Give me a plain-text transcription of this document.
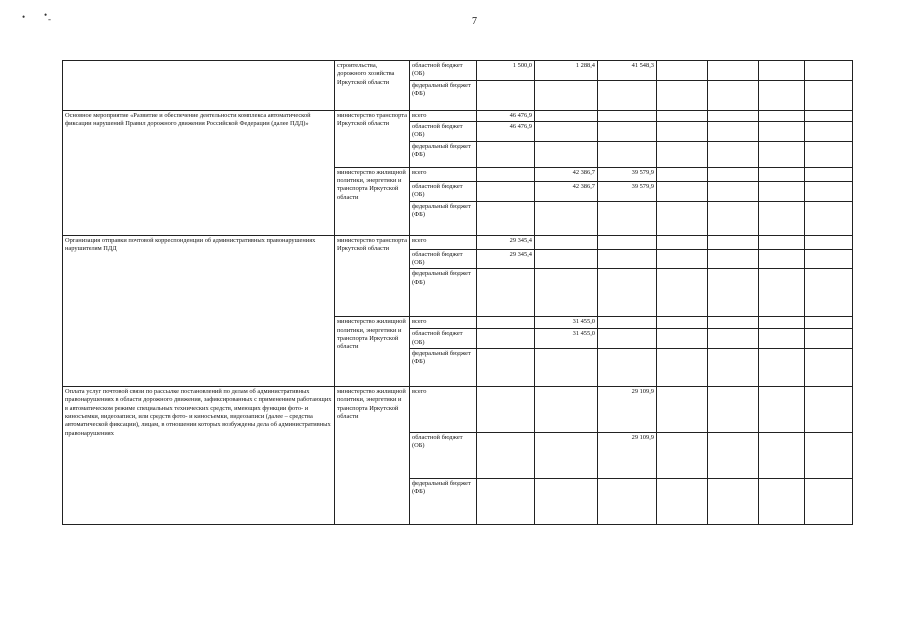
7
• • ‐
	строительства, дорожного хозяйства Иркутской области	областной бюджет (ОБ)	1 500,0	1 288,4	41 548,3				
		федеральный бюджет (ФБ)							
Основное мероприятие «Развитие и обеспечение деятельности комплекса автоматической фиксации нарушений Правил дорожного движения Российской Федерации (далее ПДД)»	министерство транспорта Иркутской области	всего	46 476,9						
		областной бюджет (ОБ)	46 476,9						
		федеральный бюджет (ФБ)							
	министерство жилищной политики, энергетики и транспорта Иркутской области	всего		42 386,7	39 579,9				
		областной бюджет (ОБ)		42 386,7	39 579,9				
		федеральный бюджет (ФБ)							
Организация отправки почтовой корреспонденции об административных правонарушениях нарушителям ПДД	министерство транспорта Иркутской области	всего	29 345,4						
		областной бюджет (ОБ)	29 345,4						
		федеральный бюджет (ФБ)							
	министерство жилищной политики, энергетики и транспорта Иркутской области	всего		31 455,0					
		областной бюджет (ОБ)		31 455,0					
		федеральный бюджет (ФБ)							
Оплата услуг почтовой связи по рассылке постановлений по делам об административных правонарушениях в области дорожного движения, зафиксированных с применением работающих в автоматическом режиме специальных технических средств, имеющих функции фото- и киносъемки, видеозаписи, или средств фото- и киносъемки, видеозаписи (далее – средства автоматической фиксации), лицам, в отношении которых возбуждены дела об административных правонарушениях	министерство жилищной политики, энергетики и транспорта Иркутской области	всего			29 109,9				
		областной бюджет (ОБ)			29 109,9				
		федеральный бюджет (ФБ)							
